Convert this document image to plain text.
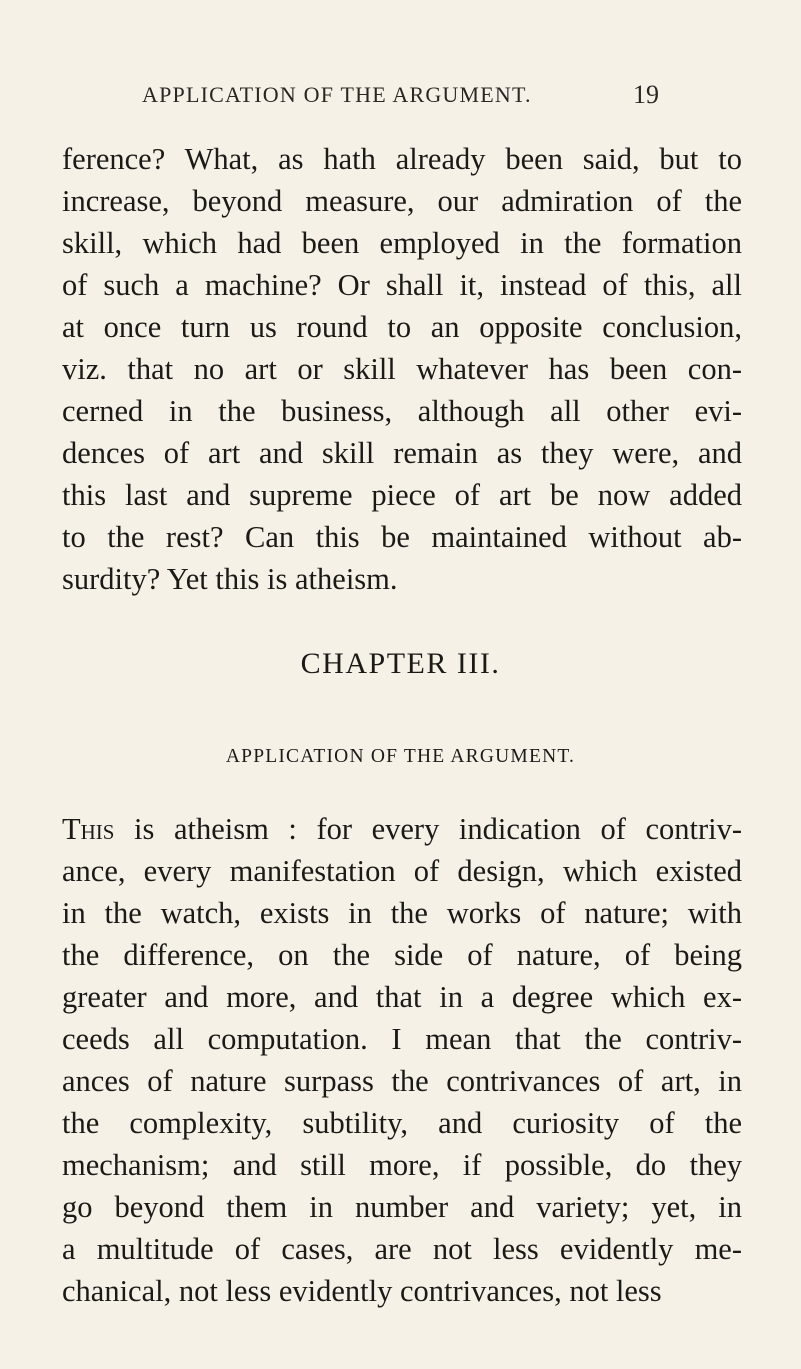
APPLICATION OF THE ARGUMENT.	19
ference? What, as hath already been said, but to
increase, beyond measure, our admiration of the
skill, which had been employed in the formation
of such a machine? Or shall it, instead of this, all
at once turn us round to an opposite conclusion,
viz. that no art or skill whatever has been con-
cerned in the business, although all other evi-
dences of art and skill remain as they were, and
this last and supreme piece of art be now added
to the rest? Can this be maintained without ab-
surdity? Yet this is atheism.
CHAPTER III.
APPLICATION OF THE ARGUMENT.
This is atheism : for every indication of contriv-
ance, every manifestation of design, which existed
in the watch, exists in the works of nature; with
the difference, on the side of nature, of being
greater and more, and that in a degree which ex-
ceeds all computation. I mean that the contriv-
ances of nature surpass the contrivances of art, in
the complexity, subtility, and curiosity of the
mechanism; and still more, if possible, do they
go beyond them in number and variety; yet, in
a multitude of cases, are not less evidently me-
chanical, not less evidently contrivances, not less
